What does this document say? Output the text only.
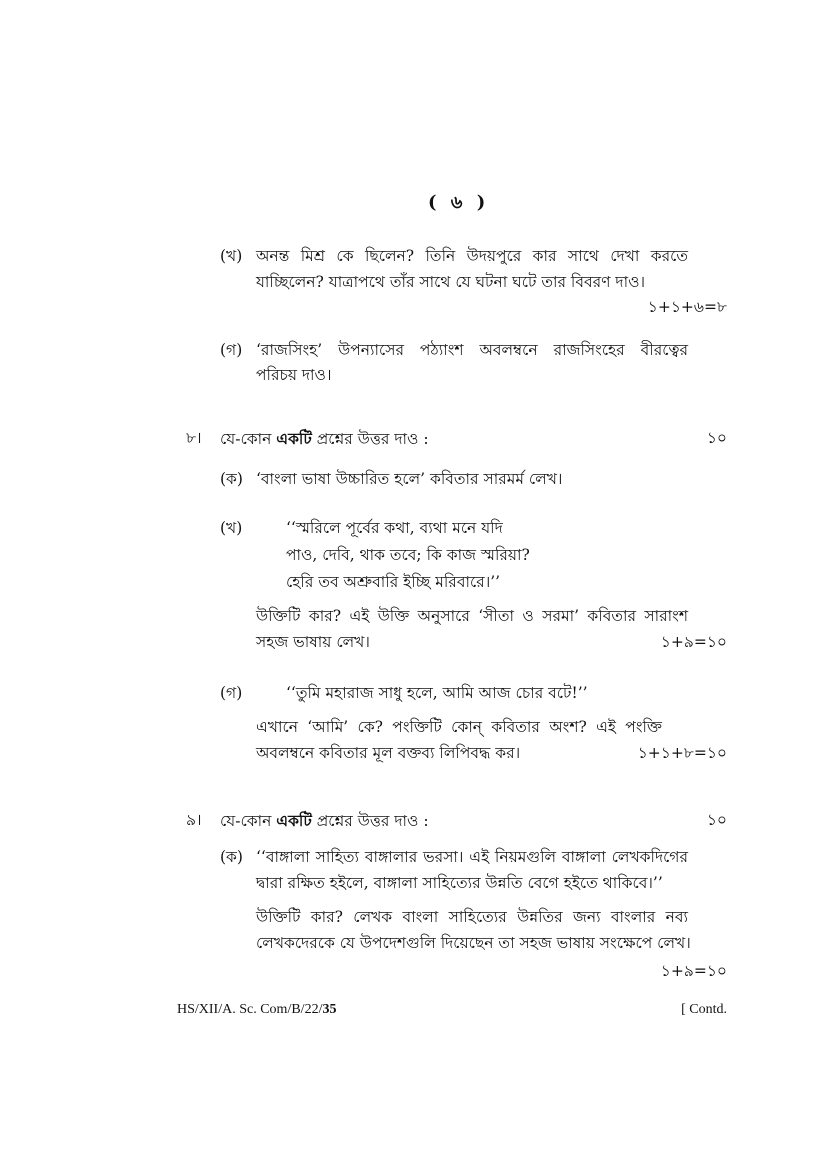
( ৬ )
(খ) অনন্ত মিশ্র কে ছিলেন? তিনি উদয়পুরে কার সাথে দেখা করতে
যাচ্ছিলেন? যাত্রাপথে তাঁর সাথে যে ঘটনা ঘটে তার বিবরণ দাও।
১+১+৬=৮
(গ) ‘রাজসিংহ’ উপন্যাসের পঠ্যাংশ অবলম্বনে রাজসিংহের বীরত্বের
পরিচয় দাও।
৮। যে-কোন একটি প্রশ্নের উত্তর দাও :	১০
(ক) ‘বাংলা ভাষা উচ্চারিত হলে’ কবিতার সারমর্ম লেখ।
(খ)	‘‘স্মরিলে পূর্বের কথা, ব্যথা মনে যদি
পাও, দেবি, থাক তবে; কি কাজ স্মরিয়া?
হেরি তব অশ্রুবারি ইচ্ছি মরিবারে।’’
উক্তিটি কার? এই উক্তি অনুসারে ‘সীতা ও সরমা’ কবিতার সারাংশ
সহজ ভাষায় লেখ।	১+৯=১০
(গ)	‘‘তুমি মহারাজ সাধু হলে, আমি আজ চোর বটে!’’
এখানে ‘আমি’ কে? পংক্তিটি কোন্ কবিতার অংশ? এই পংক্তি
অবলম্বনে কবিতার মূল বক্তব্য লিপিবদ্ধ কর।	১+১+৮=১০
৯। যে-কোন একটি প্রশ্নের উত্তর দাও :	১০
(ক) ‘‘বাঙ্গালা সাহিত্য বাঙ্গালার ভরসা। এই নিয়মগুলি বাঙ্গালা লেখকদিগের
দ্বারা রক্ষিত হইলে, বাঙ্গালা সাহিত্যের উন্নতি বেগে হইতে থাকিবে।’’
উক্তিটি কার? লেখক বাংলা সাহিত্যের উন্নতির জন্য বাংলার নব্য
লেখকদেরকে যে উপদেশগুলি দিয়েছেন তা সহজ ভাষায় সংক্ষেপে লেখ।
১+৯=১০
HS/XII/A. Sc. Com/B/22/35	[ Contd.
